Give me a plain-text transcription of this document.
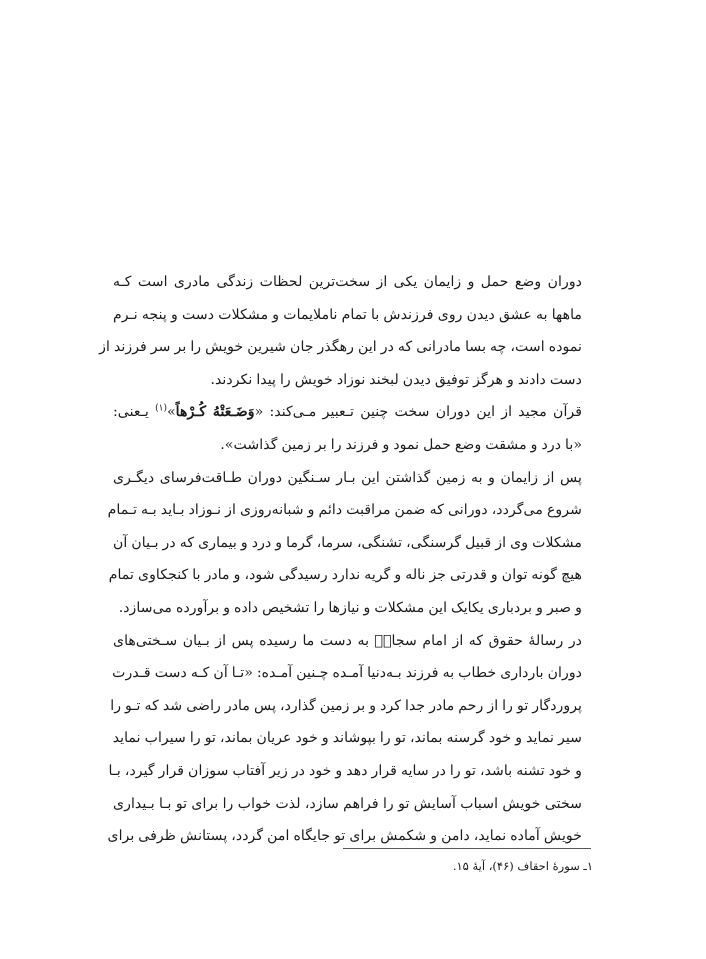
دوران وضع حمل و زایمان یکی از سخت‌ترین لحظات زندگی مادری است کـه
ماهها به عشق دیدن روی فرزندش با تمام ناملایمات و مشکلات دست و پنجه نـرم
نموده است، چه بسا مادرانی که در این رهگذر جان شیرین خویش را بر سر فرزند از
دست دادند و هرگز توفیق دیدن لبخند نوزاد خویش را پیدا نکردند.

قرآن مجید از این دوران سخت چنین تـعبیر مـی‌کند: «وَضَـعَتْهُ كُـرْهاً»$^{(۱)}$ یـعنی:
«با درد و مشقت وضع حمل نمود و فرزند را بر زمین گذاشت».

پس از زایمان و به زمین گذاشتن این بـار سـنگین دوران طـاقت‌فرسای دیگـری
شروع می‌گردد، دورانی که ضمن مراقبت دائم و شبانه‌روزی از نـوزاد بـاید بـه تـمام
مشکلات وی از قبیل گرسنگی، تشنگی، سرما، گرما و درد و بیماری که در بـیان آن
هیچ گونه توان و قدرتی جز ناله و گریه ندارد رسیدگی شود، و مادر با کنجکاوی تمام
و صبر و بردباری یکایک این مشکلات و نیازها را تشخیص داده و برآورده می‌سازد.

در رسالهٔ حقوق که از امام سجادؑ به دست ما رسیده پس از بـیان سـختی‌های
دوران بارداری خطاب به فرزند بـه‌دنیا آمـده چـنین آمـده: «تـا آن کـه دست قـدرت
پروردگار تو را از رحم مادر جدا کرد و بر زمین گذارد، پس مادر راضی شد که تـو را
سیر نماید و خود گرسنه بماند، تو را بپوشاند و خود عریان بماند، تو را سیراب نماید
و خود تشنه باشد، تو را در سایه قرار دهد و خود در زیر آفتاب سوزان قرار گیرد، بـا
سختی خویش اسباب آسایش تو را فراهم سازد، لذت خواب را برای تو بـا بـیداری
خویش آماده نماید، دامن و شکمش برای تو جایگاه امن گردد، پستانش ظرفی برای

۱ـ سورهٔ احقاف (۴۶)، آیهٔ ۱۵.
